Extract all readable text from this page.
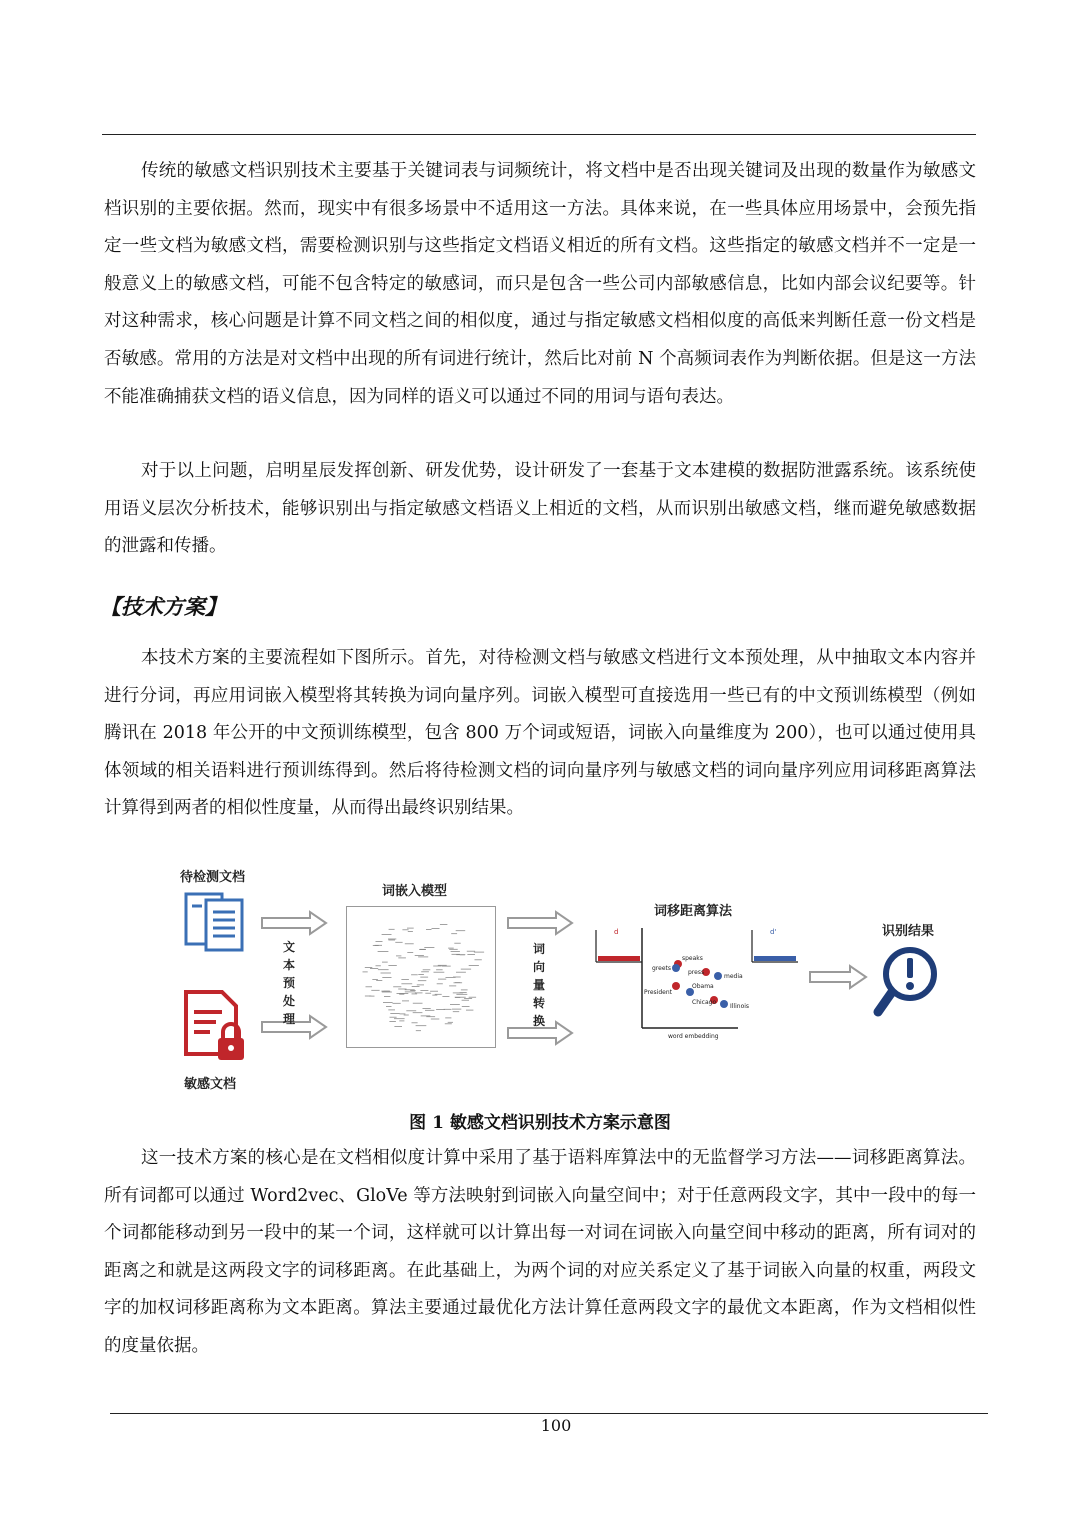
传统的敏感文档识别技术主要基于关键词表与词频统计，将文档中是否出现关键词及出现的数量作为敏感文档识别的主要依据。然而，现实中有很多场景中不适用这一方法。具体来说，在一些具体应用场景中，会预先指定一些文档为敏感文档，需要检测识别与这些指定文档语义相近的所有文档。这些指定的敏感文档并不一定是一般意义上的敏感文档，可能不包含特定的敏感词，而只是包含一些公司内部敏感信息，比如内部会议纪要等。针对这种需求，核心问题是计算不同文档之间的相似度，通过与指定敏感文档相似度的高低来判断任意一份文档是否敏感。常用的方法是对文档中出现的所有词进行统计，然后比对前 N 个高频词表作为判断依据。但是这一方法不能准确捕获文档的语义信息，因为同样的语义可以通过不同的用词与语句表达。

对于以上问题，启明星辰发挥创新、研发优势，设计研发了一套基于文本建模的数据防泄露系统。该系统使用语义层次分析技术，能够识别出与指定敏感文档语义上相近的文档，从而识别出敏感文档，继而避免敏感数据的泄露和传播。

【技术方案】

本技术方案的主要流程如下图所示。首先，对待检测文档与敏感文档进行文本预处理，从中抽取文本内容并进行分词，再应用词嵌入模型将其转换为词向量序列。词嵌入模型可直接选用一些已有的中文预训练模型（例如腾讯在 2018 年公开的中文预训练模型，包含 800 万个词或短语，词嵌入向量维度为 200），也可以通过使用具体领域的相关语料进行预训练得到。然后将待检测文档的词向量序列与敏感文档的词向量序列应用词移距离算法计算得到两者的相似性度量，从而得出最终识别结果。

待检测文档
敏感文档
文本预处理
词嵌入模型
词向量转换
词移距离算法
word embedding
speaks
greets
press
media
President
Obama
Chicago
Illinois
d	d'	识别结果

图 1 敏感文档识别技术方案示意图

这一技术方案的核心是在文档相似度计算中采用了基于语料库算法中的无监督学习方法——词移距离算法。所有词都可以通过 Word2vec、GloVe 等方法映射到词嵌入向量空间中；对于任意两段文字，其中一段中的每一个词都能移动到另一段中的某一个词，这样就可以计算出每一对词在词嵌入向量空间中移动的距离，所有词对的距离之和就是这两段文字的词移距离。在此基础上，为两个词的对应关系定义了基于词嵌入向量的权重，两段文字的加权词移距离称为文本距离。算法主要通过最优化方法计算任意两段文字的最优文本距离，作为文档相似性的度量依据。

100
